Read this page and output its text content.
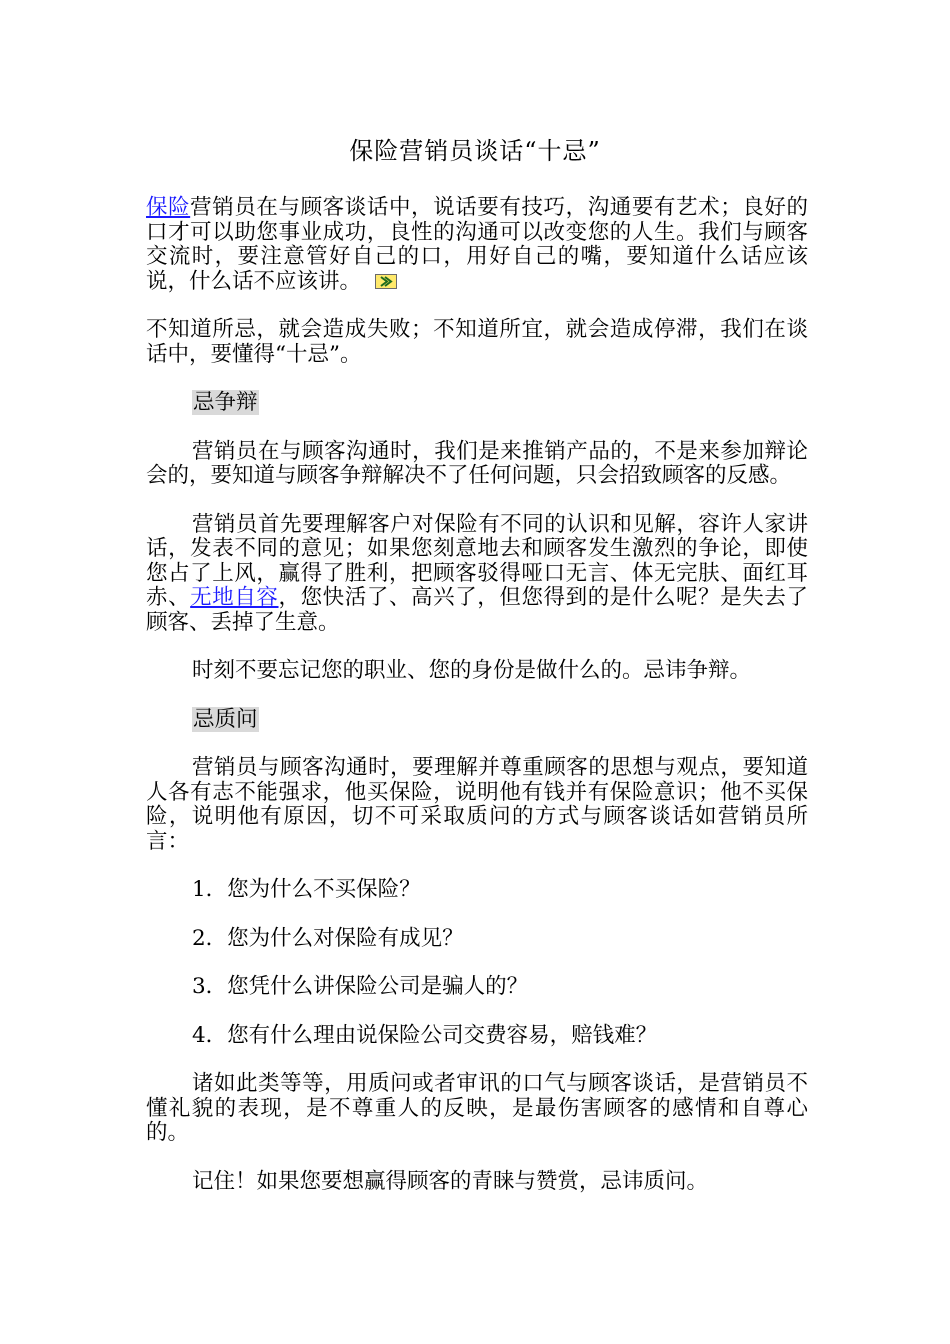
保险营销员谈话“十忌”

保险营销员在与顾客谈话中，说话要有技巧，沟通要有艺术；良好的口才可以助您事业成功，良性的沟通可以改变您的人生。我们与顾客交流时，要注意管好自己的口，用好自己的嘴，要知道什么话应该说，什么话不应该讲。

不知道所忌，就会造成失败；不知道所宜，就会造成停滞，我们在谈话中，要懂得“十忌”。

忌争辩

营销员在与顾客沟通时，我们是来推销产品的，不是来参加辩论会的，要知道与顾客争辩解决不了任何问题，只会招致顾客的反感。

营销员首先要理解客户对保险有不同的认识和见解，容许人家讲话，发表不同的意见；如果您刻意地去和顾客发生激烈的争论，即使您占了上风，赢得了胜利，把顾客驳得哑口无言、体无完肤、面红耳赤、无地自容，您快活了、高兴了，但您得到的是什么呢？是失去了顾客、丢掉了生意。

时刻不要忘记您的职业、您的身份是做什么的。忌讳争辩。

忌质问

营销员与顾客沟通时，要理解并尊重顾客的思想与观点，要知道人各有志不能强求，他买保险，说明他有钱并有保险意识；他不买保险，说明他有原因，切不可采取质问的方式与顾客谈话如营销员所言：

1．您为什么不买保险？

2．您为什么对保险有成见？

3．您凭什么讲保险公司是骗人的？

4．您有什么理由说保险公司交费容易，赔钱难？

诸如此类等等，用质问或者审讯的口气与顾客谈话，是营销员不懂礼貌的表现，是不尊重人的反映，是最伤害顾客的感情和自尊心的。

记住！如果您要想赢得顾客的青睐与赞赏，忌讳质问。
